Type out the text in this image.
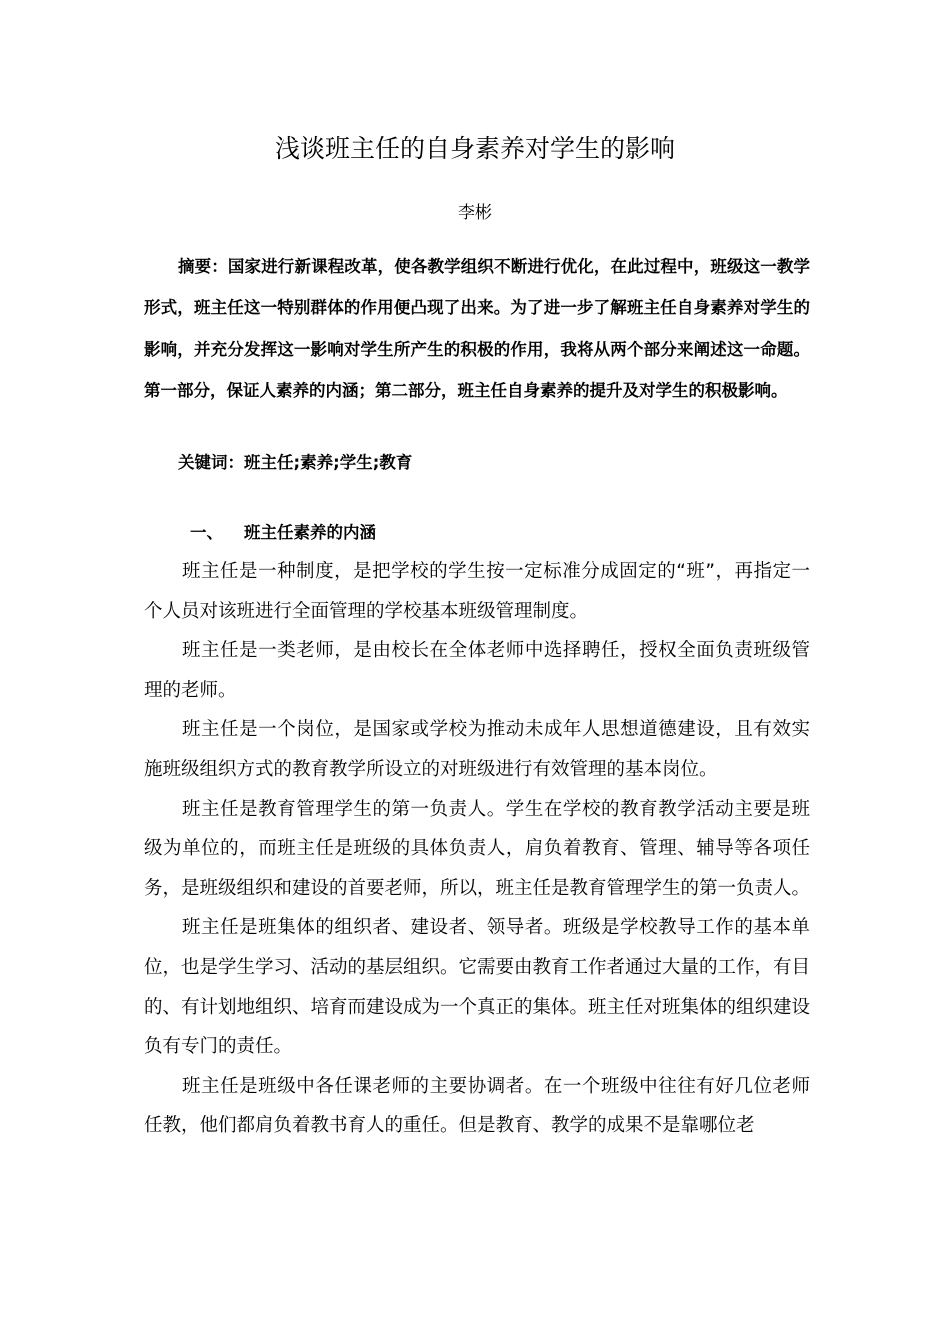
浅谈班主任的自身素养对学生的影响
李彬

摘要：国家进行新课程改革，使各教学组织不断进行优化，在此过程中，班级这一教学形式，班主任这一特别群体的作用便凸现了出来。为了进一步了解班主任自身素养对学生的影响，并充分发挥这一影响对学生所产生的积极的作用，我将从两个部分来阐述这一命题。第一部分，保证人素养的内涵；第二部分，班主任自身素养的提升及对学生的积极影响。

关键词：班主任;素养;学生;教育

一、 班主任素养的内涵

班主任是一种制度，是把学校的学生按一定标准分成固定的“班”，再指定一个人员对该班进行全面管理的学校基本班级管理制度。

班主任是一类老师，是由校长在全体老师中选择聘任，授权全面负责班级管理的老师。

班主任是一个岗位，是国家或学校为推动未成年人思想道德建设，且有效实施班级组织方式的教育教学所设立的对班级进行有效管理的基本岗位。

班主任是教育管理学生的第一负责人。学生在学校的教育教学活动主要是班级为单位的，而班主任是班级的具体负责人，肩负着教育、管理、辅导等各项任务，是班级组织和建设的首要老师，所以，班主任是教育管理学生的第一负责人。

班主任是班集体的组织者、建设者、领导者。班级是学校教导工作的基本单位，也是学生学习、活动的基层组织。它需要由教育工作者通过大量的工作，有目的、有计划地组织、培育而建设成为一个真正的集体。班主任对班集体的组织建设负有专门的责任。

班主任是班级中各任课老师的主要协调者。在一个班级中往往有好几位老师任教，他们都肩负着教书育人的重任。但是教育、教学的成果不是靠哪位老
